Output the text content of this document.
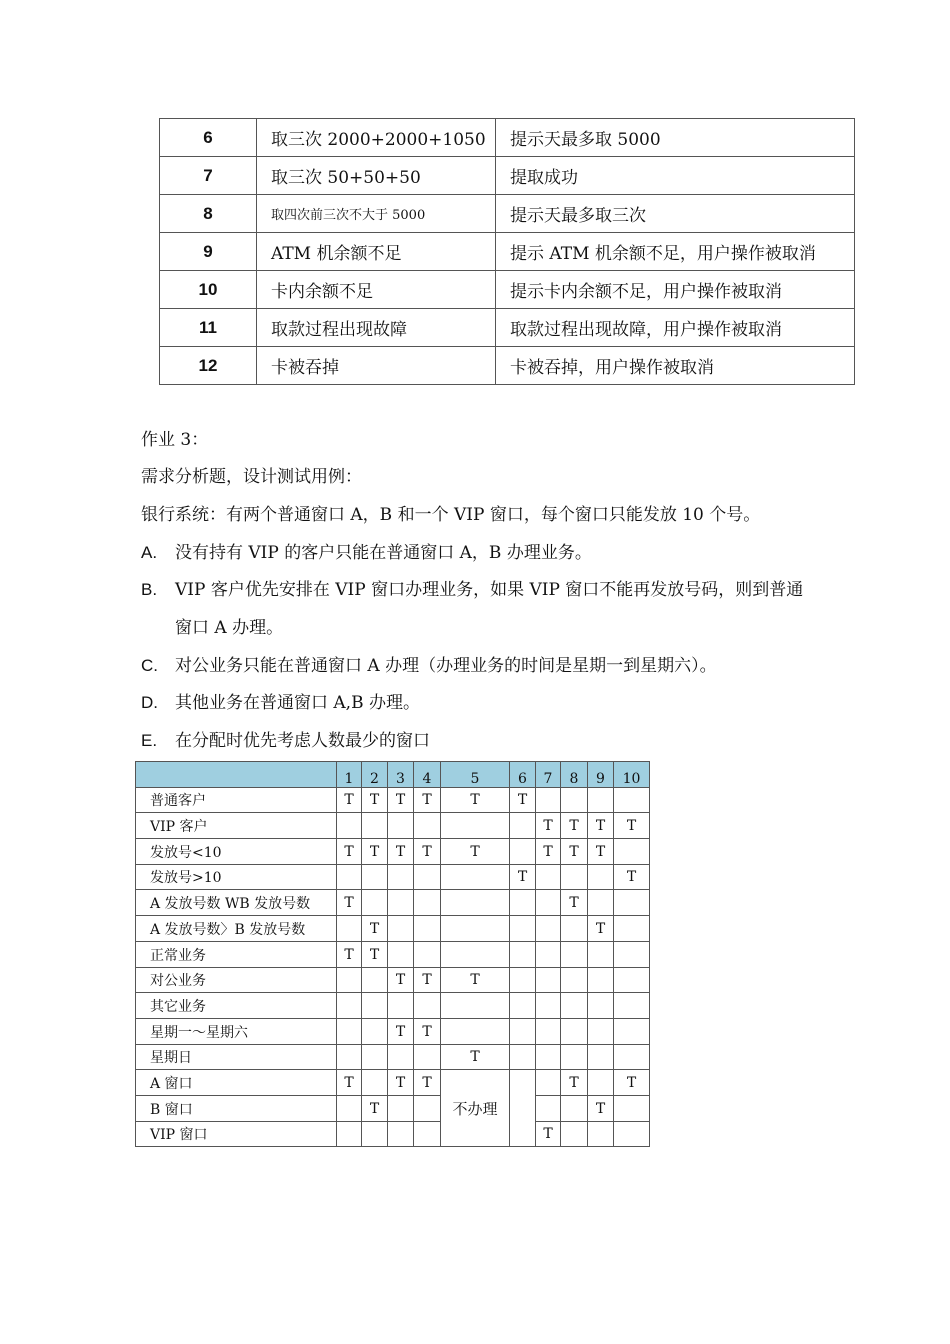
6	取三次 2000+2000+1050	提示天最多取 5000
7	取三次 50+50+50	提取成功
8	取四次前三次不大于 5000	提示天最多取三次
9	ATM 机余额不足	提示 ATM 机余额不足，用户操作被取消
10	卡内余额不足	提示卡内余额不足，用户操作被取消
11	取款过程出现故障	取款过程出现故障，用户操作被取消
12	卡被吞掉	卡被吞掉，用户操作被取消
作业 3：
需求分析题，设计测试用例：
银行系统：有两个普通窗口 A，B 和一个 VIP 窗口，每个窗口只能发放 10 个号。
A. 没有持有 VIP 的客户只能在普通窗口 A，B 办理业务。
B. VIP 客户优先安排在 VIP 窗口办理业务，如果 VIP 窗口不能再发放号码，则到普通
窗口 A 办理。
C. 对公业务只能在普通窗口 A 办理（办理业务的时间是星期一到星期六）。
D. 其他业务在普通窗口 A,B 办理。
E. 在分配时优先考虑人数最少的窗口
	1	2	3	4	5	6	7	8	9	10
普通客户	T	T	T	T	T	T				
VIP 客户							T	T	T	T
发放号<10	T	T	T	T	T		T	T	T	
发放号>10						T				T
A 发放号数 WB 发放号数	T							T		
A 发放号数〉B 发放号数		T							T	
正常业务	T	T								
对公业务			T	T	T					
其它业务										
星期一〜星期六			T	T						
星期日					T					
A 窗口	T		T	T	不办理			T		T
B 窗口		T							T	
VIP 窗口							T			
